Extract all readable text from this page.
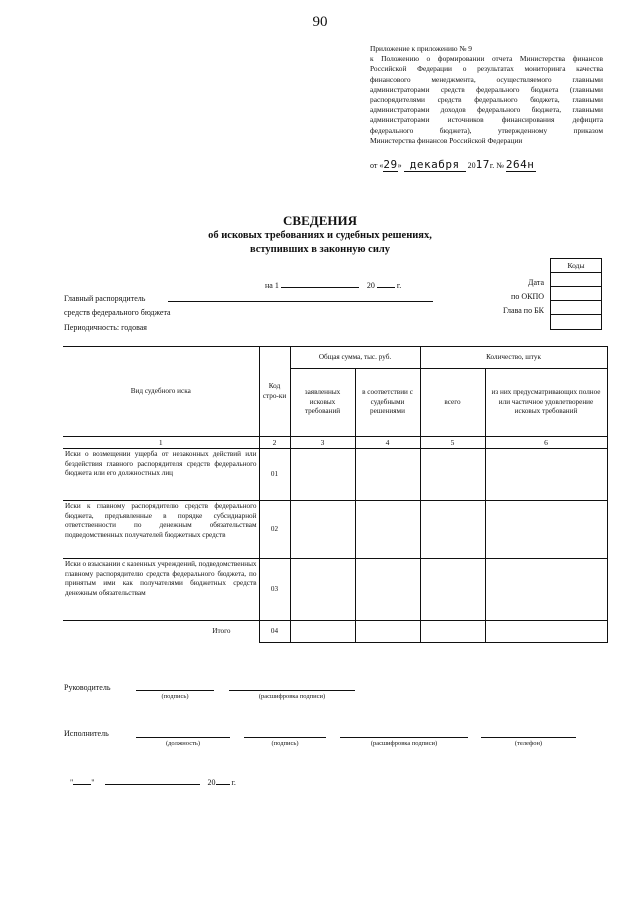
90
Приложение к приложению № 9
к Положению о формировании отчета Министерства финансов
Российской Федерации о результатах мониторинга качества
финансового менеджмента, осуществляемого главными
администраторами средств федерального бюджета (главными
распорядителями средств федерального бюджета, главными
администраторами доходов федерального бюджета, главными
администраторами источников финансирования дефицита
федерального бюджета), утвержденному приказом
Министерства финансов Российской Федерации
от «29» декабря 2017г. № 264н
СВЕДЕНИЯ
об исковых требованиях и судебных решениях,
вступивших в законную силу
Коды
на 1	20	г.	Дата
по ОКПО
Глава по БК
Главный распорядитель
средств федерального бюджета
Периодичность: годовая
Вид судебного иска	Код стро-ки	Общая сумма, тыс. руб.		Количество, штук	
		заявленных исковых требований	в соответствии с судебными решениями	всего	из них предусматривающих полное или частичное удовлетворение исковых требований
1	2	3	4	5	6
Иски о возмещении ущерба от незаконных действий или бездействия главного распорядителя средств федерального бюджета или его должностных лиц	01				
Иски к главному распорядителю средств федерального бюджета, предъявленные в порядке субсидиарной ответственности по денежным обязательствам подведомственных получателей бюджетных средств	02				
Иски о взыскании с казенных учреждений, подведомственных главному распорядителю средств федерального бюджета, по принятым ими как получателями бюджетных средств денежным обязательствам	03				
Итого	04				
Руководитель
(подпись)	(расшифровка подписи)
Исполнитель
(должность)	(подпись)	(расшифровка подписи)	(телефон)
" "	20 г.
